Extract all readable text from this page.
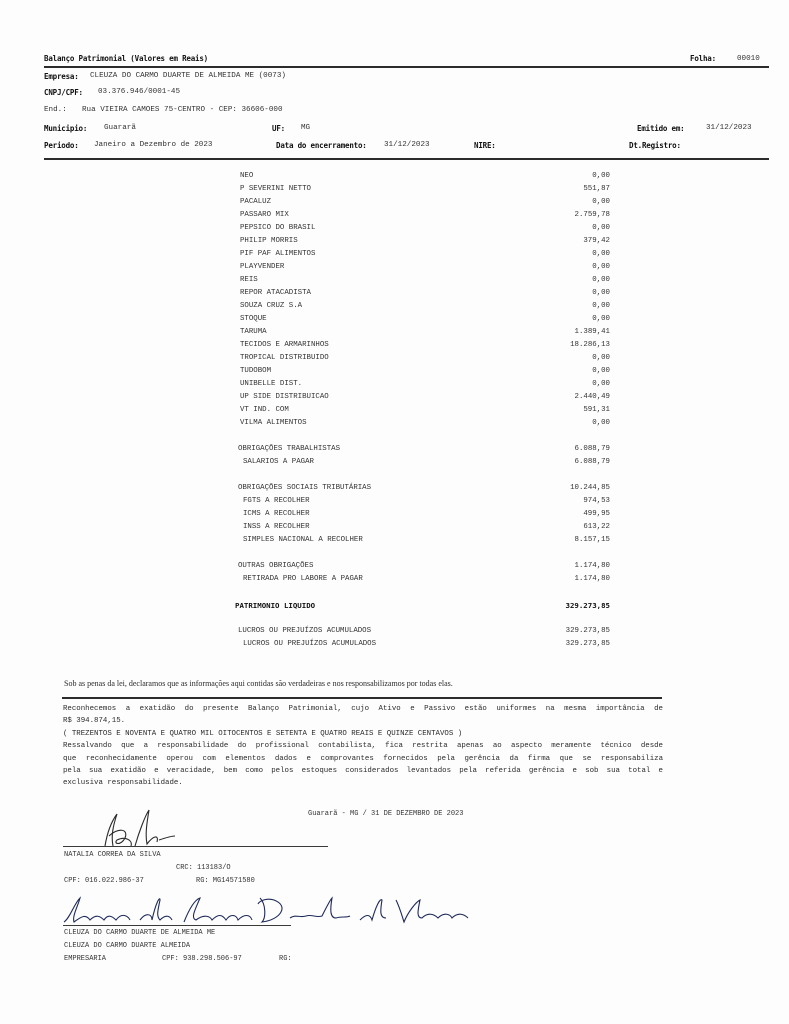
Balanço Patrimonial (Valores em Reais)	Folha:	00010
Empresa: CLEUZA DO CARMO DUARTE DE ALMEIDA ME (0073)
CNPJ/CPF: 03.376.946/0001-45
End.: Rua VIEIRA CAMOES 75-CENTRO - CEP: 36606-000
Municipio: Guararã	UF: MG	Emitido em:	31/12/2023
Periodo: Janeiro a Dezembro de 2023	Data do encerramento: 31/12/2023	NIRE:	Dt.Registro:
NEO	0,00
P SEVERINI NETTO	551,87
PACALUZ	0,00
PASSARO MIX	2.759,78
PEPSICO DO BRASIL	0,00
PHILIP MORRIS	379,42
PIF PAF ALIMENTOS	0,00
PLAYVENDER	0,00
REIS	0,00
REPOR ATACADISTA	0,00
SOUZA CRUZ S.A	0,00
STOQUE	0,00
TARUMA	1.389,41
TECIDOS E ARMARINHOS	18.286,13
TROPICAL DISTRIBUIDO	0,00
TUDOBOM	0,00
UNIBELLE DIST.	0,00
UP SIDE DISTRIBUICAO	2.440,49
VT IND. COM	591,31
VILMA ALIMENTOS	0,00
OBRIGAÇÕES TRABALHISTAS	6.088,79
SALARIOS A PAGAR	6.088,79
OBRIGAÇÕES SOCIAIS TRIBUTÁRIAS	10.244,85
FGTS A RECOLHER	974,53
ICMS A RECOLHER	499,95
INSS A RECOLHER	613,22
SIMPLES NACIONAL A RECOLHER	8.157,15
OUTRAS OBRIGAÇÕES	1.174,80
RETIRADA PRO LABORE A PAGAR	1.174,80
PATRIMONIO LIQUIDO	329.273,85
LUCROS OU PREJUÍZOS ACUMULADOS	329.273,85
LUCROS OU PREJUÍZOS ACUMULADOS	329.273,85
Sob as penas da lei, declaramos que as informações aqui contidas são verdadeiras e nos responsabilizamos por todas elas.
Reconhecemos a exatidão do presente Balanço Patrimonial, cujo Ativo e Passivo estão uniformes na mesma importância de
R$ 394.874,15.
( TREZENTOS E NOVENTA E QUATRO MIL OITOCENTOS E SETENTA E QUATRO REAIS E QUINZE CENTAVOS )
Ressalvando que a responsabilidade do profissional contabilista, fica restrita apenas ao aspecto meramente técnico desde
que reconhecidamente operou com elementos dados e comprovantes fornecidos pela gerência da firma que se responsabiliza
pela sua exatidão e veracidade, bem como pelos estoques considerados levantados pela referida gerência e sob sua total e
exclusiva responsabilidade.
Guararã - MG / 31 DE DEZEMBRO DE 2023
NATALIA CORREA DA SILVA
CRC: 113183/O
CPF: 016.022.986-37	RG: MG14571580
CLEUZA DO CARMO DUARTE DE ALMEIDA ME
CLEUZA DO CARMO DUARTE ALMEIDA
EMPRESARIA	CPF: 938.298.506-97	RG:
